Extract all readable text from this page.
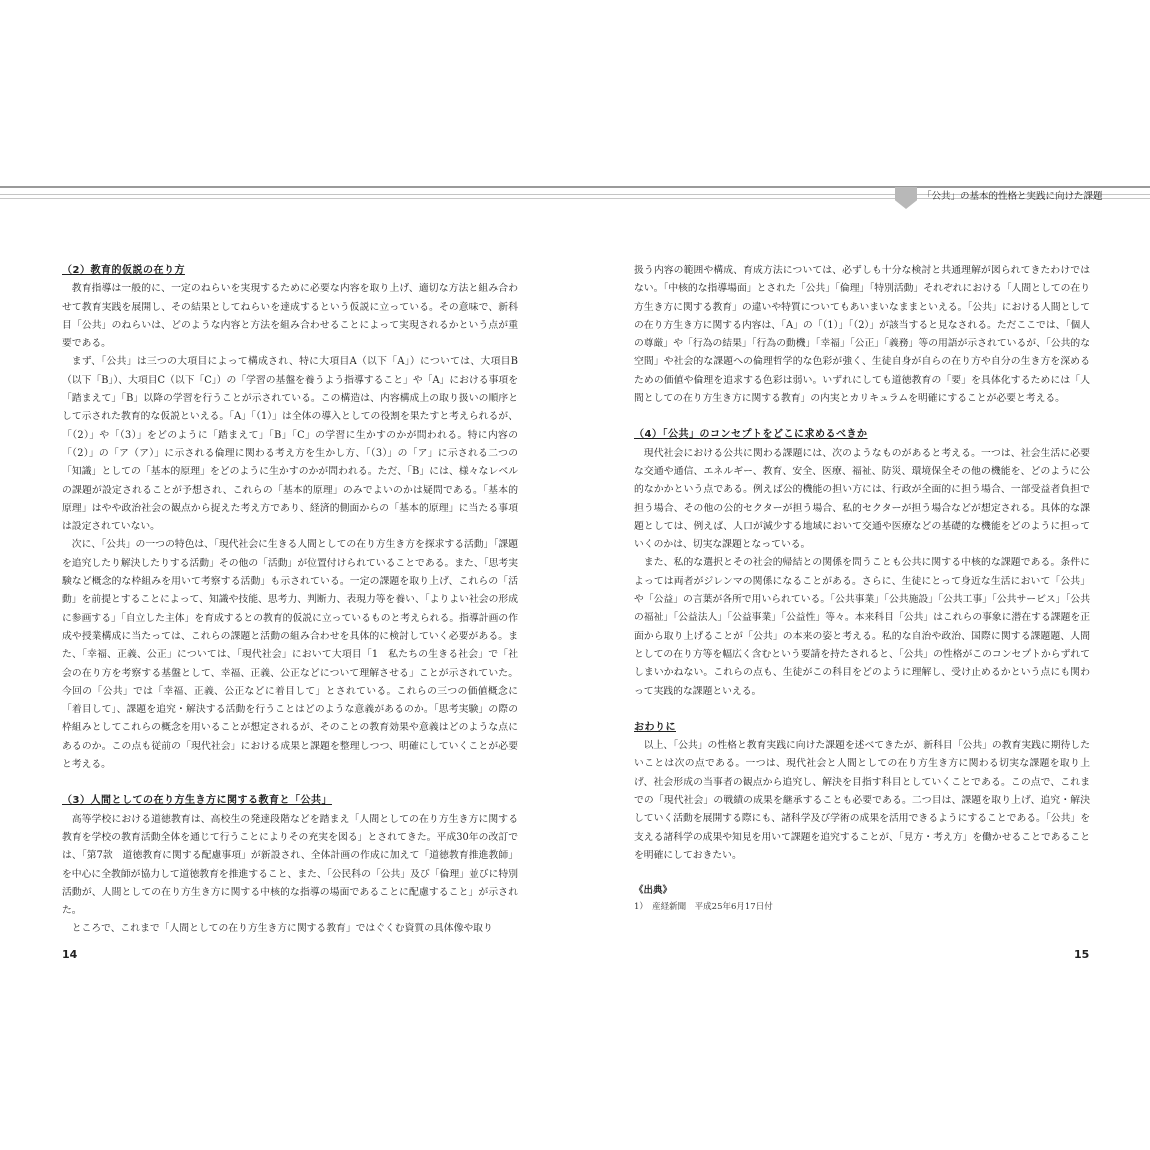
「公共」の基本的性格と実践に向けた課題
（2）教育的仮説の在り方

教育指導は一般的に、一定のねらいを実現するために必要な内容を取り上げ、適切な方法と組み合わせて教育実践を展開し、その結果としてねらいを達成するという仮説に立っている。その意味で、新科目「公共」のねらいは、どのような内容と方法を組み合わせることによって実現されるかという点が重要である。

まず、「公共」は三つの大項目によって構成され、特に大項目A（以下「A」）については、大項目B（以下「B」）、大項目C（以下「C」）の「学習の基盤を養うよう指導すること」や「A」における事項を「踏まえて」「B」以降の学習を行うことが示されている。この構造は、内容構成上の取り扱いの順序として示された教育的な仮説といえる。「A」「（1）」は全体の導入としての役割を果たすと考えられるが、「（2）」や「（3）」をどのように「踏まえて」「B」「C」の学習に生かすのかが問われる。特に内容の「（2）」の「ア（ア）」に示される倫理に関わる考え方を生かし方、「（3）」の「ア」に示される二つの「知識」としての「基本的原理」をどのように生かすのかが問われる。ただ、「B」には、様々なレベルの課題が設定されることが予想され、これらの「基本的原理」のみでよいのかは疑問である。「基本的原理」はやや政治社会の観点から捉えた考え方であり、経済的側面からの「基本的原理」に当たる事項は設定されていない。

次に、「公共」の一つの特色は、「現代社会に生きる人間としての在り方生き方を探求する活動」「課題を追究したり解決したりする活動」その他の「活動」が位置付けられていることである。また、「思考実験など概念的な枠組みを用いて考察する活動」も示されている。一定の課題を取り上げ、これらの「活動」を前提とすることによって、知識や技能、思考力、判断力、表現力等を養い、「よりよい社会の形成に参画する」「自立した主体」を育成するとの教育的仮説に立っているものと考えられる。指導計画の作成や授業構成に当たっては、これらの課題と活動の組み合わせを具体的に検討していく必要がある。また、「幸福、正義、公正」については、「現代社会」において大項目「1　私たちの生きる社会」で「社会の在り方を考察する基盤として、幸福、正義、公正などについて理解させる」ことが示されていた。今回の「公共」では「幸福、正義、公正などに着目して」とされている。これらの三つの価値概念に「着目して」、課題を追究・解決する活動を行うことはどのような意義があるのか。「思考実験」の際の枠組みとしてこれらの概念を用いることが想定されるが、そのことの教育効果や意義はどのような点にあるのか。この点も従前の「現代社会」における成果と課題を整理しつつ、明確にしていくことが必要と考える。

（3）人間としての在り方生き方に関する教育と「公共」

高等学校における道徳教育は、高校生の発達段階などを踏まえ「人間としての在り方生き方に関する教育を学校の教育活動全体を通じて行うことによりその充実を図る」とされてきた。平成30年の改訂では、「第7款　道徳教育に関する配慮事項」が新設され、全体計画の作成に加えて「道徳教育推進教師」を中心に全教師が協力して道徳教育を推進すること、また、「公民科の「公共」及び「倫理」並びに特別活動が、人間としての在り方生き方に関する中核的な指導の場面であることに配慮すること」が示された。

ところで、これまで「人間としての在り方生き方に関する教育」ではぐくむ資質の具体像や取り

扱う内容の範囲や構成、育成方法については、必ずしも十分な検討と共通理解が図られてきたわけではない。「中核的な指導場面」とされた「公共」「倫理」「特別活動」それぞれにおける「人間としての在り方生き方に関する教育」の違いや特質についてもあいまいなままといえる。「公共」における人間としての在り方生き方に関する内容は、「A」の「（1）」「（2）」が該当すると見なされる。ただここでは、「個人の尊厳」や「行為の結果」「行為の動機」「幸福」「公正」「義務」等の用語が示されているが、「公共的な空間」や社会的な課題への倫理哲学的な色彩が強く、生徒自身が自らの在り方や自分の生き方を深めるための価値や倫理を追求する色彩は弱い。いずれにしても道徳教育の「要」を具体化するためには「人間としての在り方生き方に関する教育」の内実とカリキュラムを明確にすることが必要と考える。

（4）「公共」のコンセプトをどこに求めるべきか

現代社会における公共に関わる課題には、次のようなものがあると考える。一つは、社会生活に必要な交通や通信、エネルギー、教育、安全、医療、福祉、防災、環境保全その他の機能を、どのように公的なかかという点である。例えば公的機能の担い方には、行政が全面的に担う場合、一部受益者負担で担う場合、その他の公的セクターが担う場合、私的セクターが担う場合などが想定される。具体的な課題としては、例えば、人口が減少する地域において交通や医療などの基礎的な機能をどのように担っていくのかは、切実な課題となっている。

また、私的な選択とその社会的帰結との関係を問うことも公共に関する中核的な課題である。条件によっては両者がジレンマの関係になることがある。さらに、生徒にとって身近な生活において「公共」や「公益」の言葉が各所で用いられている。「公共事業」「公共施設」「公共工事」「公共サービス」「公共の福祉」「公益法人」「公益事業」「公益性」等々。本来科目「公共」はこれらの事象に潜在する課題を正面から取り上げることが「公共」の本来の姿と考える。私的な自治や政治、国際に関する課題題、人間としての在り方等を幅広く含むという要請を持たされると、「公共」の性格がこのコンセプトからずれてしまいかねない。これらの点も、生徒がこの科目をどのように理解し、受け止めるかという点にも関わって実践的な課題といえる。

おわりに

以上、「公共」の性格と教育実践に向けた課題を述べてきたが、新科目「公共」の教育実践に期待したいことは次の点である。一つは、現代社会と人間としての在り方生き方に関わる切実な課題を取り上げ、社会形成の当事者の観点から追究し、解決を目指す科目としていくことである。この点で、これまでの「現代社会」の戦績の成果を継承することも必要である。二つ目は、課題を取り上げ、追究・解決していく活動を展開する際にも、諸科学及び学術の成果を活用できるようにすることである。「公共」を支える諸科学の成果や知見を用いて課題を追究することが、「見方・考え方」を働かせることであることを明確にしておきたい。

《出典》
1）　産経新聞　平成25年6月17日付
14	15
